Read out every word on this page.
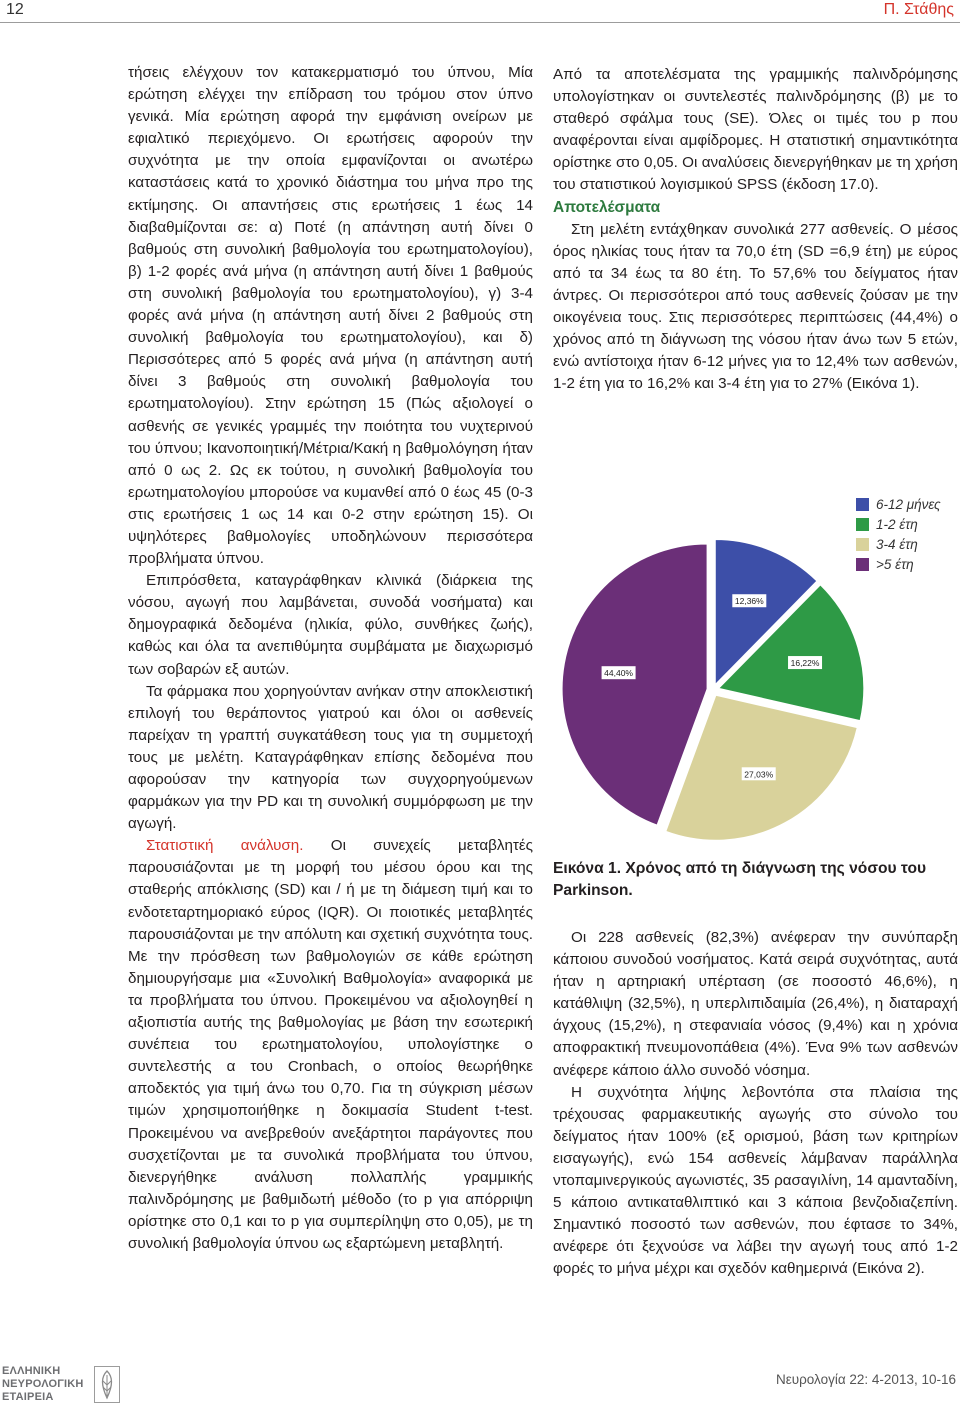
12	Π. Στάθης

τήσεις ελέγχουν τον κατακερματισμό του ύπνου, Μία ερώτηση ελέγχει την επίδραση του τρόμου στον ύπνο γενικά. Μία ερώτηση αφορά την εμφάνιση ονείρων με εφιαλτικό περιεχόμενο. Οι ερωτήσεις αφορούν την συχνότητα με την οποία εμφανίζονται οι ανωτέρω καταστάσεις κατά το χρονικό διάστημα του μήνα προ της εκτίμησης. Οι απαντήσεις στις ερωτήσεις 1 έως 14 διαβαθμίζονται σε: α) Ποτέ (η απάντηση αυτή δίνει 0 βαθμούς στη συνολική βαθμολογία του ερωτηματολογίου), β) 1-2 φορές ανά μήνα (η απάντηση αυτή δίνει 1 βαθμούς στη συνολική βαθμολογία του ερωτηματολογίου), γ) 3-4 φορές ανά μήνα (η απάντηση αυτή δίνει 2 βαθμούς στη συνολική βαθμολογία του ερωτηματολογίου), και δ) Περισσότερες από 5 φορές ανά μήνα (η απάντηση αυτή δίνει 3 βαθμούς στη συνολική βαθμολογία του ερωτηματολογίου). Στην ερώτηση 15 (Πώς αξιολογεί ο ασθενής σε γενικές γραμμές την ποιότητα του νυχτερινού του ύπνου; Ικανοποιητική/Μέτρια/Κακή η βαθμολόγηση ήταν από 0 ως 2. Ως εκ τούτου, η συνολική βαθμολογία του ερωτηματολογίου μπορούσε να κυμανθεί από 0 έως 45 (0-3 στις ερωτήσεις 1 ως 14 και 0-2 στην ερώτηση 15). Οι υψηλότερες βαθμολογίες υποδηλώνουν περισσότερα προβλήματα ύπνου.

Επιπρόσθετα, καταγράφθηκαν κλινικά (διάρκεια της νόσου, αγωγή που λαμβάνεται, συνοδά νοσήματα) και δημογραφικά δεδομένα (ηλικία, φύλο, συνθήκες ζωής), καθώς και όλα τα ανεπιθύμητα συμβάματα με διαχωρισμό των σοβαρών εξ αυτών.

Τα φάρμακα που χορηγούνταν ανήκαν στην αποκλειστική επιλογή του θεράποντος γιατρού και όλοι οι ασθενείς παρείχαν τη γραπτή συγκατάθεση τους για τη συμμετοχή τους με μελέτη. Καταγράφθηκαν επίσης δεδομένα που αφορούσαν την κατηγορία των συγχορηγούμενων φαρμάκων για την PD και τη συνολική συμμόρφωση με την αγωγή.

Στατιστική ανάλυση. Οι συνεχείς μεταβλητές παρουσιάζονται με τη μορφή του μέσου όρου και της σταθερής απόκλισης (SD) και / ή με τη διάμεση τιμή και το ενδοτεταρτημοριακό εύρος (IQR). Οι ποιοτικές μεταβλητές παρουσιάζονται με την απόλυτη και σχετική συχνότητα τους. Με την πρόσθεση των βαθμολογιών σε κάθε ερώτηση δημιουργήσαμε μια «Συνολική Βαθμολογία» αναφορικά με τα προβλήματα του ύπνου. Προκειμένου να αξιολογηθεί η αξιοπιστία αυτής της βαθμολογίας με βάση την εσωτερική συνέπεια του ερωτηματολογίου, υπολογίστηκε ο συντελεστής α του Cronbach, ο οποίος θεωρήθηκε αποδεκτός για τιμή άνω του 0,70. Για τη σύγκριση μέσων τιμών χρησιμοποιήθηκε η δοκιμασία Student t-test. Προκειμένου να ανεβρεθούν ανεξάρτητοι παράγοντες που συσχετίζονται με τα συνολικά προβλήματα του ύπνου, διενεργήθηκε ανάλυση πολλαπλής γραμμικής παλινδρόμησης με βαθμιδωτή μέθοδο (το p για απόρριψη ορίστηκε στο 0,1 και το p για συμπερίληψη στο 0,05), με τη συνολική βαθμολογία ύπνου ως εξαρτώμενη μεταβλητή.

Από τα αποτελέσματα της γραμμικής παλινδρόμησης υπολογίστηκαν οι συντελεστές παλινδρόμησης (β) με το σταθερό σφάλμα τους (SE). Όλες οι τιμές του p που αναφέρονται είναι αμφίδρομες. Η στατιστική σημαντικότητα ορίστηκε στο 0,05. Οι αναλύσεις διενεργήθηκαν με τη χρήση του στατιστικού λογισμικού SPSS (έκδοση 17.0).

Αποτελέσματα

Στη μελέτη εντάχθηκαν συνολικά 277 ασθενείς. Ο μέσος όρος ηλικίας τους ήταν τα 70,0 έτη (SD =6,9 έτη) με εύρος από τα 34 έως τα 80 έτη. Το 57,6% του δείγματος ήταν άντρες. Οι περισσότεροι από τους ασθενείς ζούσαν με την οικογένεια τους. Στις περισσότερες περιπτώσεις (44,4%) ο χρόνος από τη διάγνωση της νόσου ήταν άνω των 5 ετών, ενώ αντίστοιχα ήταν 6-12 μήνες για το 12,4% των ασθενών, 1-2 έτη για το 16,2% και 3-4 έτη για το 27% (Εικόνα 1).

12,36%
16,22%
27,03%
44,40%
6-12 μήνες
1-2 έτη
3-4 έτη
>5 έτη
Εικόνα 1. Χρόνος από τη διάγνωση της νόσου του Parkinson.

Οι 228 ασθενείς (82,3%) ανέφεραν την συνύπαρξη κάποιου συνοδού νοσήματος. Κατά σειρά συχνότητας, αυτά ήταν η αρτηριακή υπέρταση (σε ποσοστό 46,6%), η κατάθλιψη (32,5%), η υπερλιπιδαιμία (26,4%), η διαταραχή άγχους (15,2%), η στεφανιαία νόσος (9,4%) και η χρόνια αποφρακτική πνευμονοπάθεια (4%). Ένα 9% των ασθενών ανέφερε κάποιο άλλο συνοδό νόσημα.

Η συχνότητα λήψης λεβοντόπα στα πλαίσια της τρέχουσας φαρμακευτικής αγωγής στο σύνολο του δείγματος ήταν 100% (εξ ορισμού, βάση των κριτηρίων εισαγωγής), ενώ 154 ασθενείς λάμβαναν παράλληλα ντοπαμινεργικούς αγωνιστές, 35 ρασαγιλίνη, 14 αμανταδίνη, 5 κάποιο αντικαταθλιπτικό και 3 κάποια βενζοδιαζεπίνη. Σημαντικό ποσοστό των ασθενών, που έφτασε το 34%, ανέφερε ότι ξεχνούσε να λάβει την αγωγή τους από 1-2 φορές το μήνα μέχρι και σχεδόν καθημερινά (Εικόνα 2).

ΕΛΛΗΝΙΚΗ
ΝΕΥΡΟΛΟΓΙΚΗ
ΕΤΑΙΡΕΙΑ
Νευρολογία 22: 4-2013, 10-16
